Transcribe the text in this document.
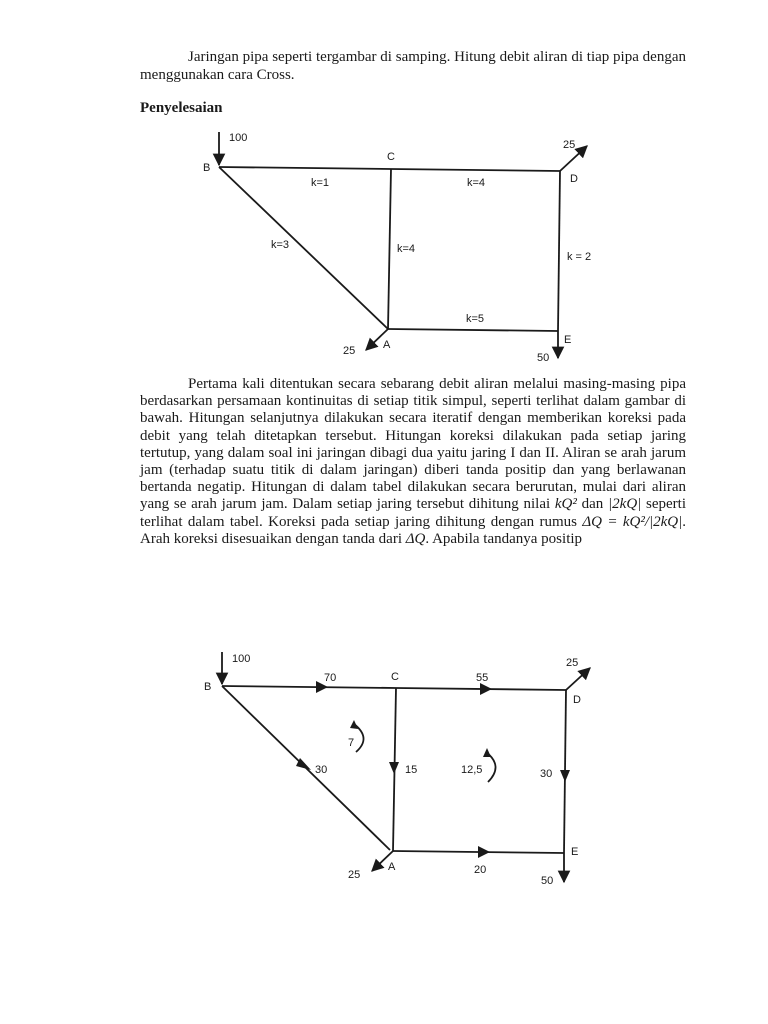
Jaringan pipa seperti tergambar di samping. Hitung debit aliran di tiap pipa dengan menggunakan cara Cross.

Penyelesaian
B
C
D
A	E
100
25
25
50
k=1	k=4
k=3	k=4
k = 2
k=5

Pertama kali ditentukan secara sebarang debit aliran melalui masing-masing pipa berdasarkan persamaan kontinuitas di setiap titik simpul, seperti terlihat dalam gambar di bawah. Hitungan selanjutnya dilakukan secara iteratif dengan memberikan koreksi pada debit yang telah ditetapkan tersebut. Hitungan koreksi dilakukan pada setiap jaring tertutup, yang dalam soal ini jaringan dibagi dua yaitu jaring I dan II. Aliran se arah jarum jam (terhadap suatu titik di dalam jaringan) diberi tanda positip dan yang berlawanan bertanda negatip. Hitungan di dalam tabel dilakukan secara berurutan, mulai dari aliran yang se arah jarum jam. Dalam setiap jaring tersebut dihitung nilai kQ² dan |2kQ| seperti terlihat dalam tabel. Koreksi pada setiap jaring dihitung dengan rumus ΔQ = kQ²/|2kQ|. Arah koreksi disesuaikan dengan tanda dari ΔQ. Apabila tandanya positip

B
C
D
A
E
100	25
25	50
70	55
30	15	30
20
7
12,5
